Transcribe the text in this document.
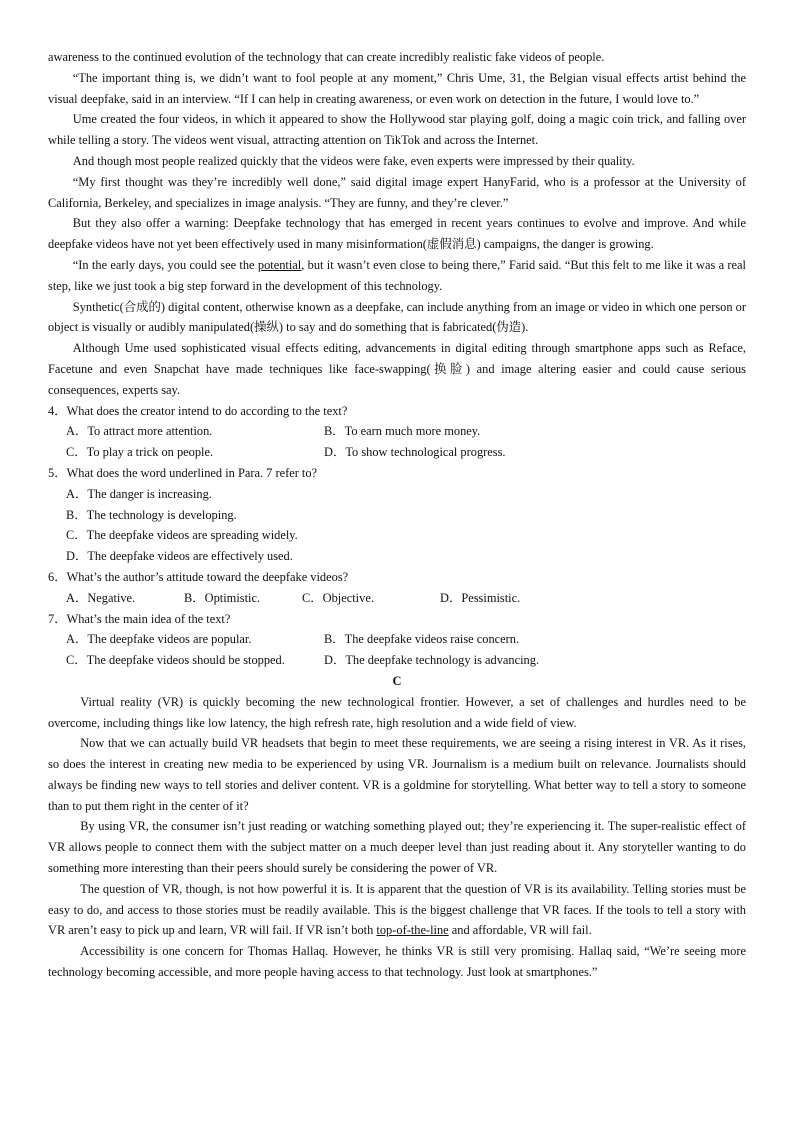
awareness to the continued evolution of the technology that can create incredibly realistic fake videos of people.

“The important thing is, we didn’t want to fool people at any moment,” Chris Ume, 31, the Belgian visual effects artist behind the visual deepfake, said in an interview. “If I can help in creating awareness, or even work on detection in the future, I would love to.”

Ume created the four videos, in which it appeared to show the Hollywood star playing golf, doing a magic coin trick, and falling over while telling a story. The videos went visual, attracting attention on TikTok and across the Internet.

And though most people realized quickly that the videos were fake, even experts were impressed by their quality.

“My first thought was they’re incredibly well done,” said digital image expert HanyFarid, who is a professor at the University of California, Berkeley, and specializes in image analysis. “They are funny, and they’re clever.”

But they also offer a warning: Deepfake technology that has emerged in recent years continues to evolve and improve. And while deepfake videos have not yet been effectively used in many misinformation(虚假消息) campaigns, the danger is growing.

“In the early days, you could see the potential, but it wasn’t even close to being there,” Farid said. “But this felt to me like it was a real step, like we just took a big step forward in the development of this technology.

Synthetic(合成的) digital content, otherwise known as a deepfake, can include anything from an image or video in which one person or object is visually or audibly manipulated(操纵) to say and do something that is fabricated(伪造).

Although Ume used sophisticated visual effects editing, advancements in digital editing through smartphone apps such as Reface, Facetune and even Snapchat have made techniques like face-swapping(换脸) and image altering easier and could cause serious consequences, experts say.

4．What does the creator intend to do according to the text?

A．To attract more attention.	B．To earn much more money.
C．To play a trick on people.	D．To show technological progress.

5．What does the word underlined in Para. 7 refer to?

A．The danger is increasing.
B．The technology is developing.
C．The deepfake videos are spreading widely.
D．The deepfake videos are effectively used.

6．What’s the author’s attitude toward the deepfake videos?

A．Negative.	B．Optimistic.	C．Objective.	D．Pessimistic.

7．What’s the main idea of the text?

A．The deepfake videos are popular.	B．The deepfake videos raise concern.
C．The deepfake videos should be stopped.	D．The deepfake technology is advancing.

C

Virtual reality (VR) is quickly becoming the new technological frontier. However, a set of challenges and hurdles need to be overcome, including things like low latency, the high refresh rate, high resolution and a wide field of view.

Now that we can actually build VR headsets that begin to meet these requirements, we are seeing a rising interest in VR. As it rises, so does the interest in creating new media to be experienced by using VR. Journalism is a medium built on relevance. Journalists should always be finding new ways to tell stories and deliver content. VR is a goldmine for storytelling. What better way to tell a story to someone than to put them right in the center of it?

By using VR, the consumer isn’t just reading or watching something played out; they’re experiencing it. The super-realistic effect of VR allows people to connect them with the subject matter on a much deeper level than just reading about it. Any storyteller wanting to do something more interesting than their peers should surely be considering the power of VR.

The question of VR, though, is not how powerful it is. It is apparent that the question of VR is its availability. Telling stories must be easy to do, and access to those stories must be readily available. This is the biggest challenge that VR faces. If the tools to tell a story with VR aren’t easy to pick up and learn, VR will fail. If VR isn’t both top-of-the-line and affordable, VR will fail.

Accessibility is one concern for Thomas Hallaq. However, he thinks VR is still very promising. Hallaq said, “We’re seeing more technology becoming accessible, and more people having access to that technology. Just look at smartphones.”
